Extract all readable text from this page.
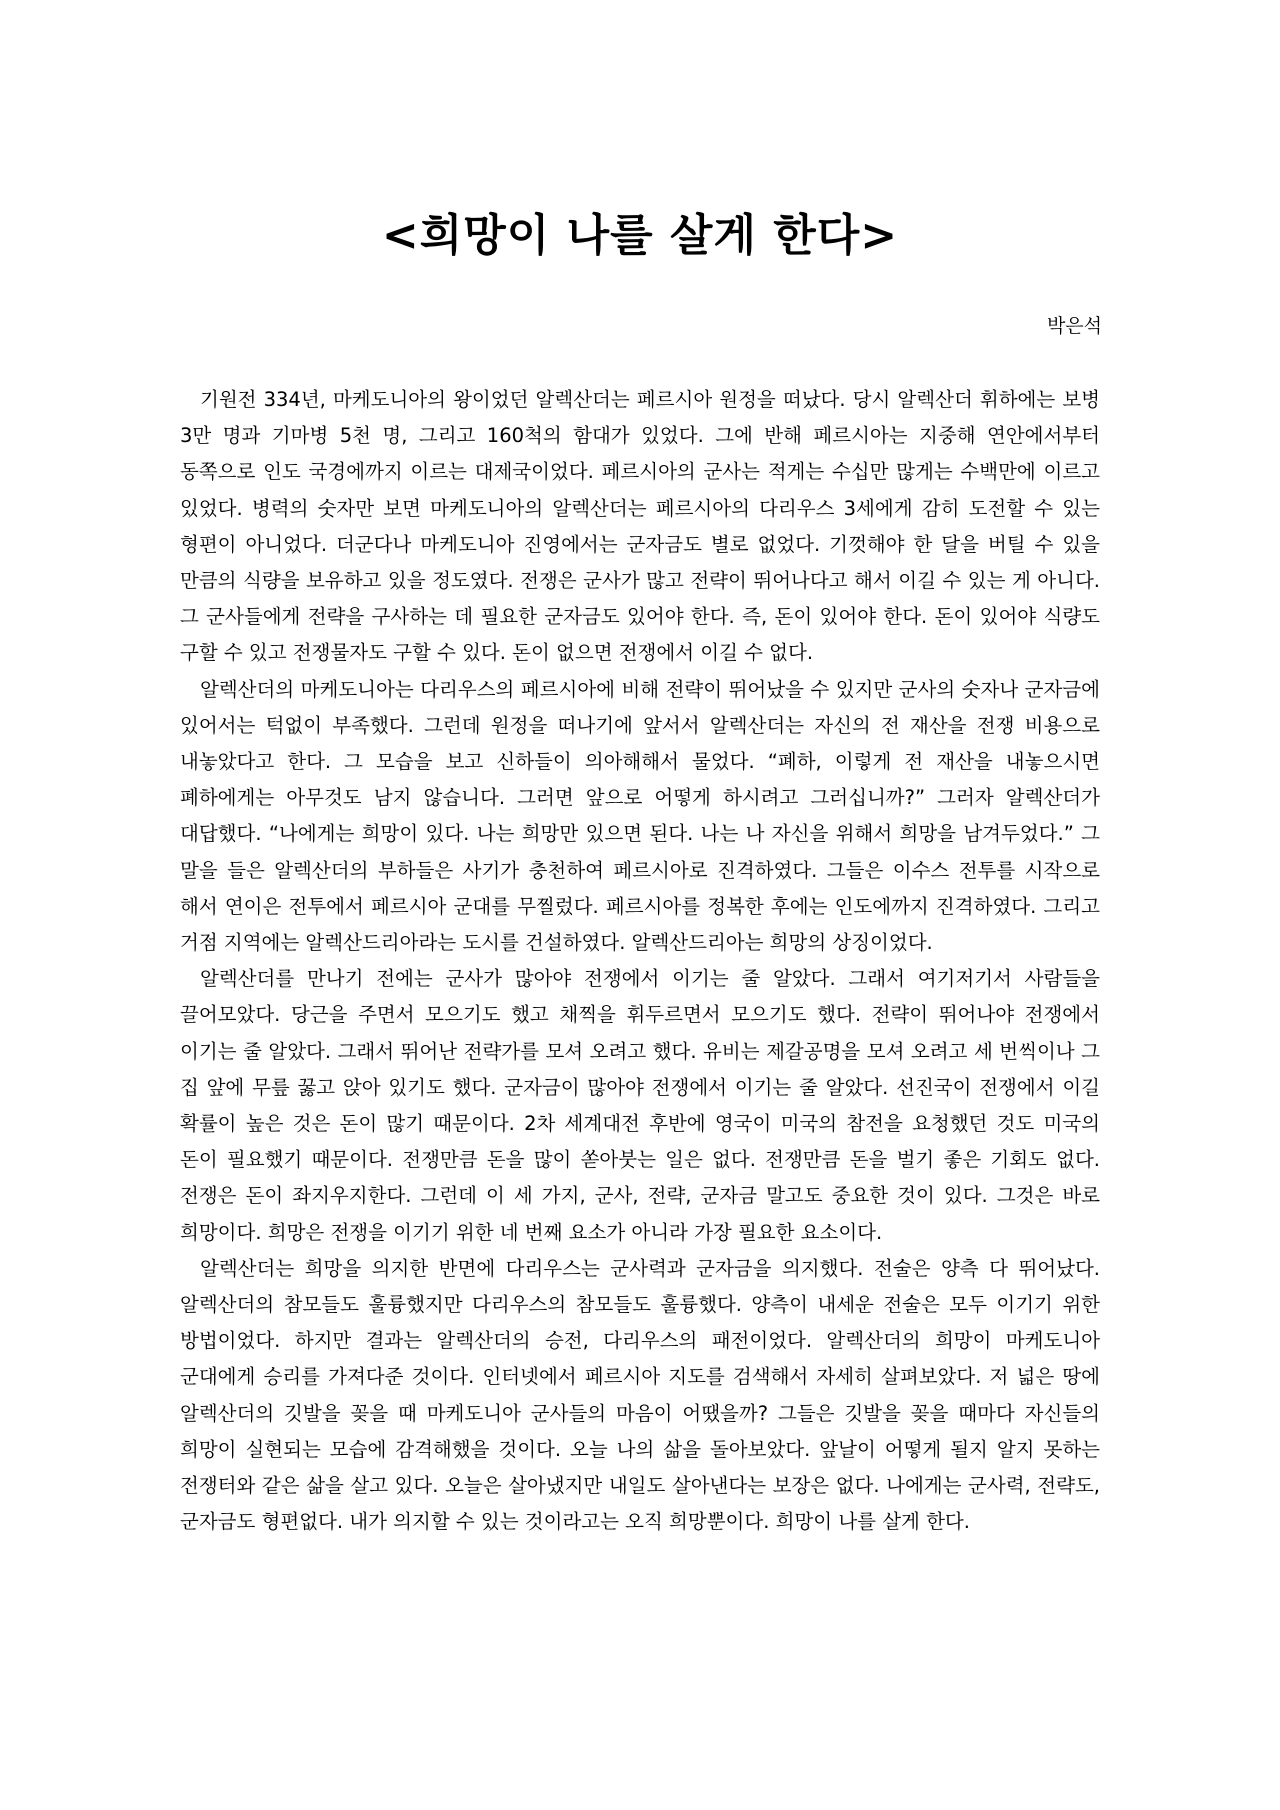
<희망이 나를 살게 한다>

박은석

기원전 334년, 마케도니아의 왕이었던 알렉산더는 페르시아 원정을 떠났다. 당시 알렉산더 휘하에는 보병 3만 명과 기마병 5천 명, 그리고 160척의 함대가 있었다. 그에 반해 페르시아는 지중해 연안에서부터 동쪽으로 인도 국경에까지 이르는 대제국이었다. 페르시아의 군사는 적게는 수십만 많게는 수백만에 이르고 있었다. 병력의 숫자만 보면 마케도니아의 알렉산더는 페르시아의 다리우스 3세에게 감히 도전할 수 있는 형편이 아니었다. 더군다나 마케도니아 진영에서는 군자금도 별로 없었다. 기껏해야 한 달을 버틸 수 있을 만큼의 식량을 보유하고 있을 정도였다. 전쟁은 군사가 많고 전략이 뛰어나다고 해서 이길 수 있는 게 아니다. 그 군사들에게 전략을 구사하는 데 필요한 군자금도 있어야 한다. 즉, 돈이 있어야 한다. 돈이 있어야 식량도 구할 수 있고 전쟁물자도 구할 수 있다. 돈이 없으면 전쟁에서 이길 수 없다.

알렉산더의 마케도니아는 다리우스의 페르시아에 비해 전략이 뛰어났을 수 있지만 군사의 숫자나 군자금에 있어서는 턱없이 부족했다. 그런데 원정을 떠나기에 앞서서 알렉산더는 자신의 전 재산을 전쟁 비용으로 내놓았다고 한다. 그 모습을 보고 신하들이 의아해해서 물었다. “폐하, 이렇게 전 재산을 내놓으시면 폐하에게는 아무것도 남지 않습니다. 그러면 앞으로 어떻게 하시려고 그러십니까?” 그러자 알렉산더가 대답했다. “나에게는 희망이 있다. 나는 희망만 있으면 된다. 나는 나 자신을 위해서 희망을 남겨두었다.” 그 말을 들은 알렉산더의 부하들은 사기가 충천하여 페르시아로 진격하였다. 그들은 이수스 전투를 시작으로 해서 연이은 전투에서 페르시아 군대를 무찔렀다. 페르시아를 정복한 후에는 인도에까지 진격하였다. 그리고 거점 지역에는 알렉산드리아라는 도시를 건설하였다. 알렉산드리아는 희망의 상징이었다.

알렉산더를 만나기 전에는 군사가 많아야 전쟁에서 이기는 줄 알았다. 그래서 여기저기서 사람들을 끌어모았다. 당근을 주면서 모으기도 했고 채찍을 휘두르면서 모으기도 했다. 전략이 뛰어나야 전쟁에서 이기는 줄 알았다. 그래서 뛰어난 전략가를 모셔 오려고 했다. 유비는 제갈공명을 모셔 오려고 세 번씩이나 그 집 앞에 무릎 꿇고 앉아 있기도 했다. 군자금이 많아야 전쟁에서 이기는 줄 알았다. 선진국이 전쟁에서 이길 확률이 높은 것은 돈이 많기 때문이다. 2차 세계대전 후반에 영국이 미국의 참전을 요청했던 것도 미국의 돈이 필요했기 때문이다. 전쟁만큼 돈을 많이 쏟아붓는 일은 없다. 전쟁만큼 돈을 벌기 좋은 기회도 없다. 전쟁은 돈이 좌지우지한다. 그런데 이 세 가지, 군사, 전략, 군자금 말고도 중요한 것이 있다. 그것은 바로 희망이다. 희망은 전쟁을 이기기 위한 네 번째 요소가 아니라 가장 필요한 요소이다.

알렉산더는 희망을 의지한 반면에 다리우스는 군사력과 군자금을 의지했다. 전술은 양측 다 뛰어났다. 알렉산더의 참모들도 훌륭했지만 다리우스의 참모들도 훌륭했다. 양측이 내세운 전술은 모두 이기기 위한 방법이었다. 하지만 결과는 알렉산더의 승전, 다리우스의 패전이었다. 알렉산더의 희망이 마케도니아 군대에게 승리를 가져다준 것이다. 인터넷에서 페르시아 지도를 검색해서 자세히 살펴보았다. 저 넓은 땅에 알렉산더의 깃발을 꽂을 때 마케도니아 군사들의 마음이 어땠을까? 그들은 깃발을 꽂을 때마다 자신들의 희망이 실현되는 모습에 감격해했을 것이다. 오늘 나의 삶을 돌아보았다. 앞날이 어떻게 될지 알지 못하는 전쟁터와 같은 삶을 살고 있다. 오늘은 살아냈지만 내일도 살아낸다는 보장은 없다. 나에게는 군사력, 전략도, 군자금도 형편없다. 내가 의지할 수 있는 것이라고는 오직 희망뿐이다. 희망이 나를 살게 한다.
